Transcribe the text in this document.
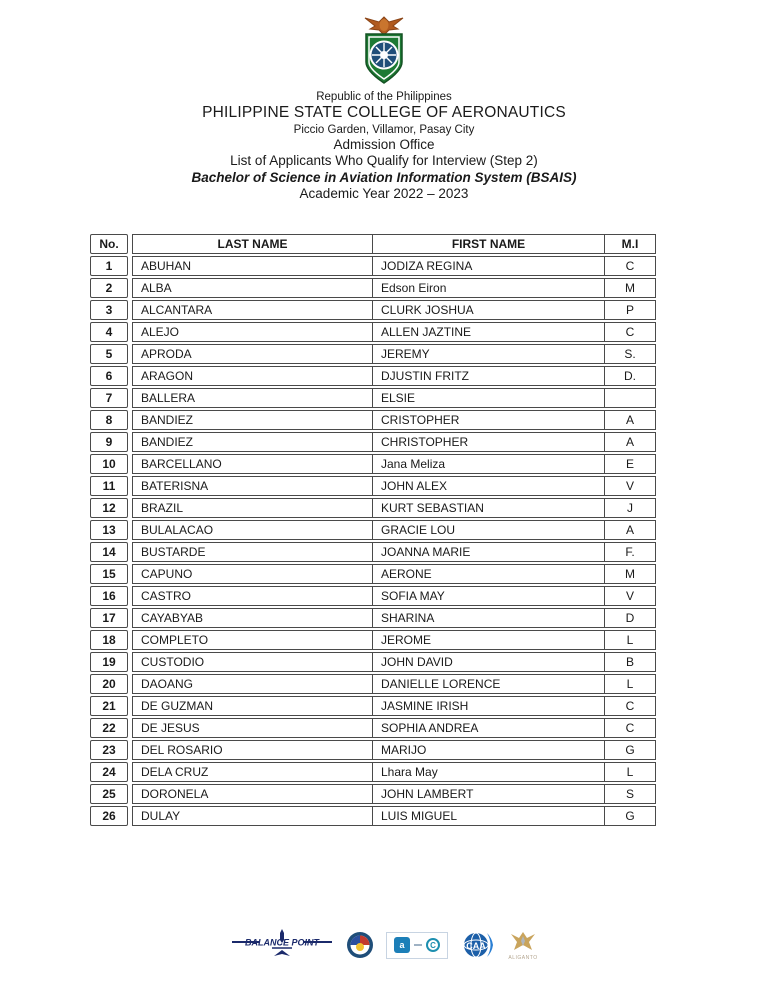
Republic of the Philippines
PHILIPPINE STATE COLLEGE OF AERONAUTICS
Piccio Garden, Villamor, Pasay City
Admission Office
List of Applicants Who Qualify for Interview (Step 2)
Bachelor of Science in Aviation Information System (BSAIS)
Academic Year 2022 – 2023
No.	LAST NAME	FIRST NAME	M.I
1	ABUHAN	JODIZA REGINA	C
2	ALBA	Edson Eiron	M
3	ALCANTARA	CLURK JOSHUA	P
4	ALEJO	ALLEN JAZTINE	C
5	APRODA	JEREMY	S.
6	ARAGON	DJUSTIN FRITZ	D.
7	BALLERA	ELSIE
8	BANDIEZ	CRISTOPHER	A
9	BANDIEZ	CHRISTOPHER	A
10	BARCELLANO	Jana Meliza	E
11	BATERISNA	JOHN ALEX	V
12	BRAZIL	KURT SEBASTIAN	J
13	BULALACAO	GRACIE LOU	A
14	BUSTARDE	JOANNA MARIE	F.
15	CAPUNO	AERONE	M
16	CASTRO	SOFIA MAY	V
17	CAYABYAB	SHARINA	D
18	COMPLETO	JEROME	L
19	CUSTODIO	JOHN DAVID	B
20	DAOANG	DANIELLE LORENCE	L
21	DE GUZMAN	JASMINE IRISH	C
22	DE JESUS	SOPHIA ANDREA	C
23	DEL ROSARIO	MARIJO	G
24	DELA CRUZ	Lhara May	L
25	DORONELA	JOHN LAMBERT	S
26	DULAY	LUIS MIGUEL	G
BALANCE POINT	a	C	CAA
ALIGANTO
